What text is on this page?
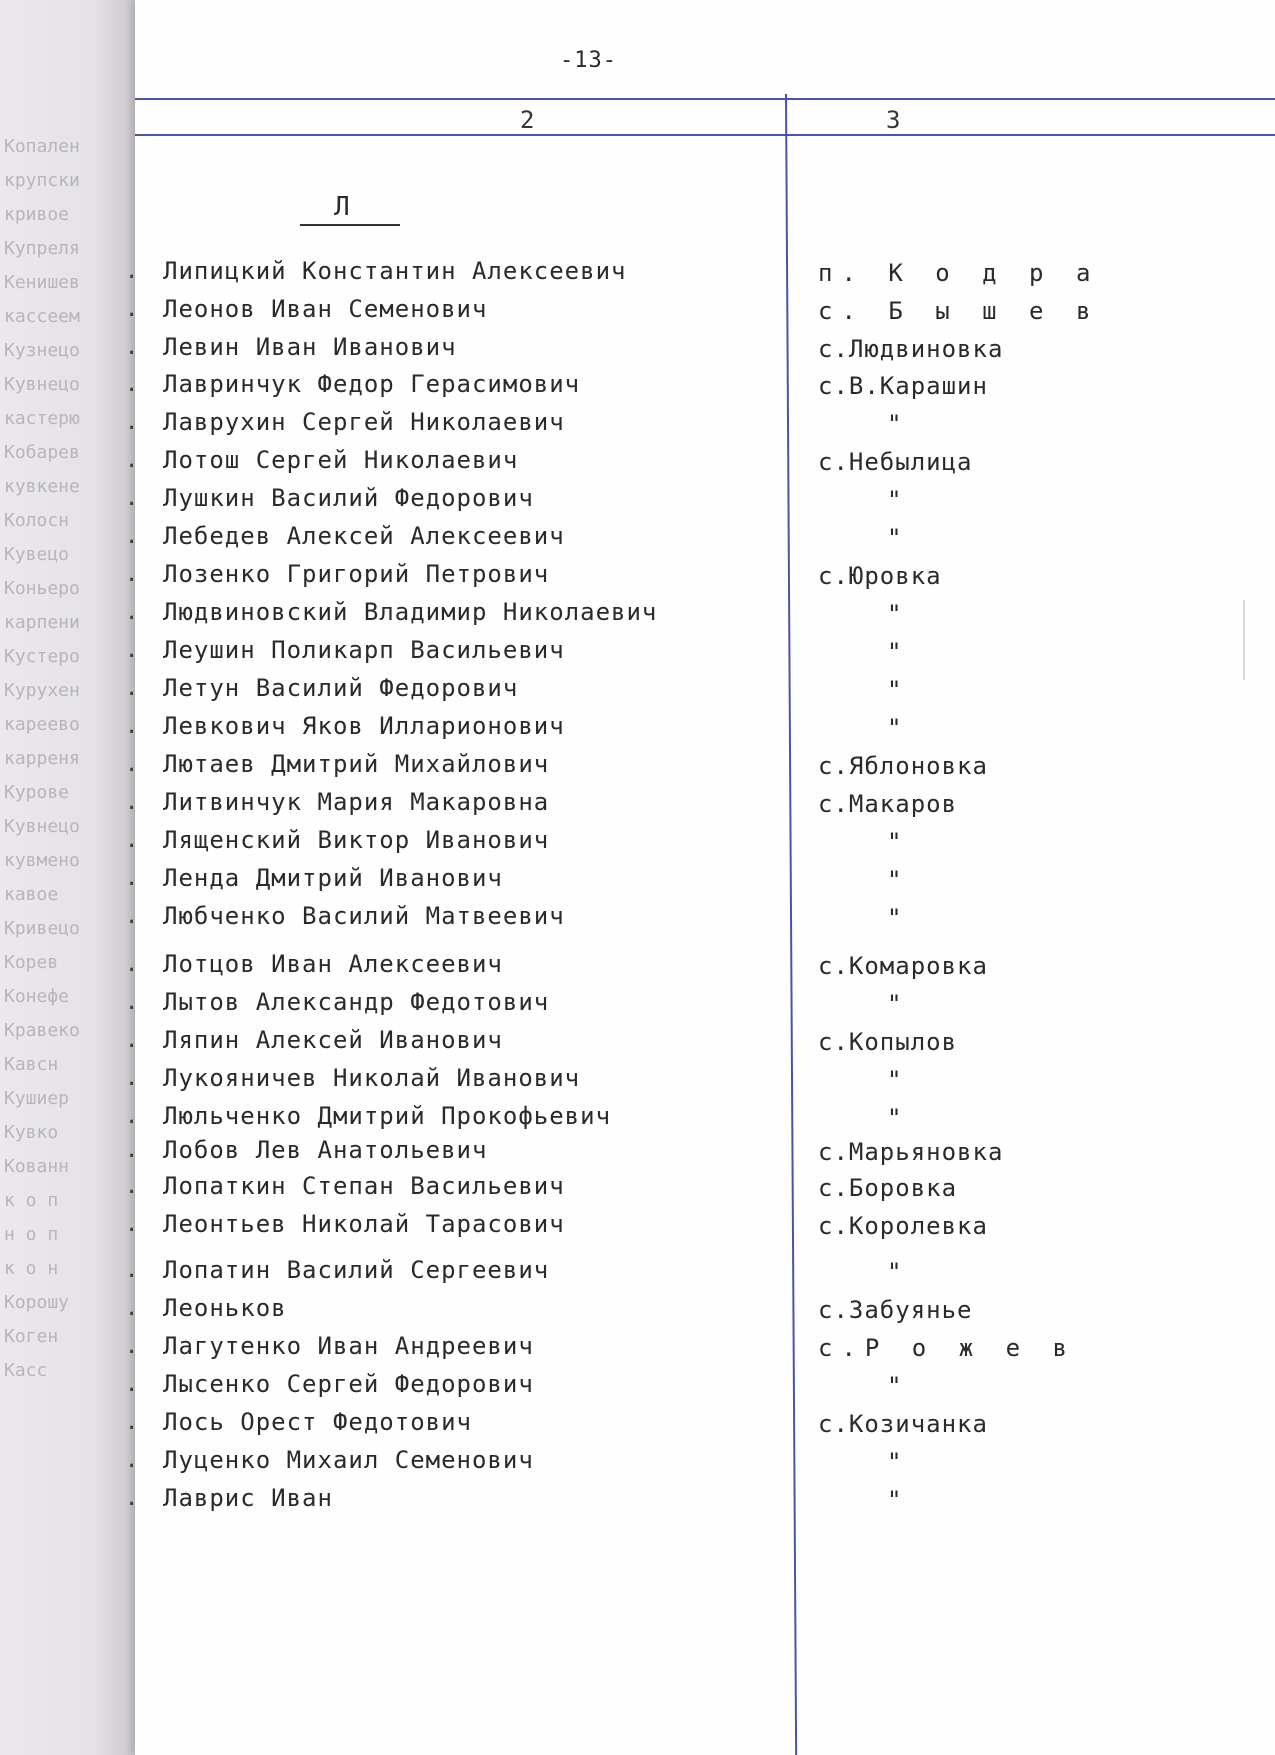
Копален
крупски
кривое
Купреля
Кенишев
кассеем
Кузнецо
Кувнецо
кастерю
Кобарев
кувкене
Колосн
Кувецо
Коньеро
карпени
Кустеро
Курухен
кареево
карреня
Курове
Кувнецо
кувмено
кавое
Кривецо
Корев
Конефе
Кравеко
Кавсн
Кушиер
Кувко
Кованн
к о п
н о п
к о н
Корошу
Коген
Касс
-13-
2	3
Л
. Липицкий Константин Алексеевич	п. К о д р а
. Леонов Иван Семенович	с. Б ы ш е в
. Левин Иван Иванович	с.Людвиновка
. Лавринчук Федор Герасимович	с.В.Карашин
. Лаврухин Сергей Николаевич	"
. Лотош Сергей Николаевич	с.Небылица
. Лушкин Василий Федорович	"
. Лебедев Алексей Алексеевич	"
. Лозенко Григорий Петрович	с.Юровка
. Людвиновский Владимир Николаевич	"
. Леушин Поликарп Васильевич	"
. Летун Василий Федорович	"
. Левкович Яков Илларионович	"
. Лютаев Дмитрий Михайлович	с.Яблоновка
. Литвинчук Мария Макаровна	с.Макаров
. Лященский Виктор Иванович	"
. Ленда Дмитрий Иванович	"
. Любченко Василий Матвеевич	"
. Лотцов Иван Алексеевич	с.Комаровка
. Лытов Александр Федотович	"
. Ляпин Алексей Иванович	с.Копылов
. Лукояничев Николай Иванович	"
. Люльченко Дмитрий Прокофьевич	"
. Лобов Лев Анатольевич	с.Марьяновка
. Лопаткин Степан Васильевич	с.Боровка
. Леонтьев Николай Тарасович	с.Королевка
. Лопатин Василий Сергеевич	"
. Леоньков	с.Забуянье
. Лагутенко Иван Андреевич	с.Р о ж е в
. Лысенко Сергей Федорович	"
. Лось Орест Федотович	с.Козичанка
. Луценко Михаил Семенович	"
. Лаврис Иван	"
